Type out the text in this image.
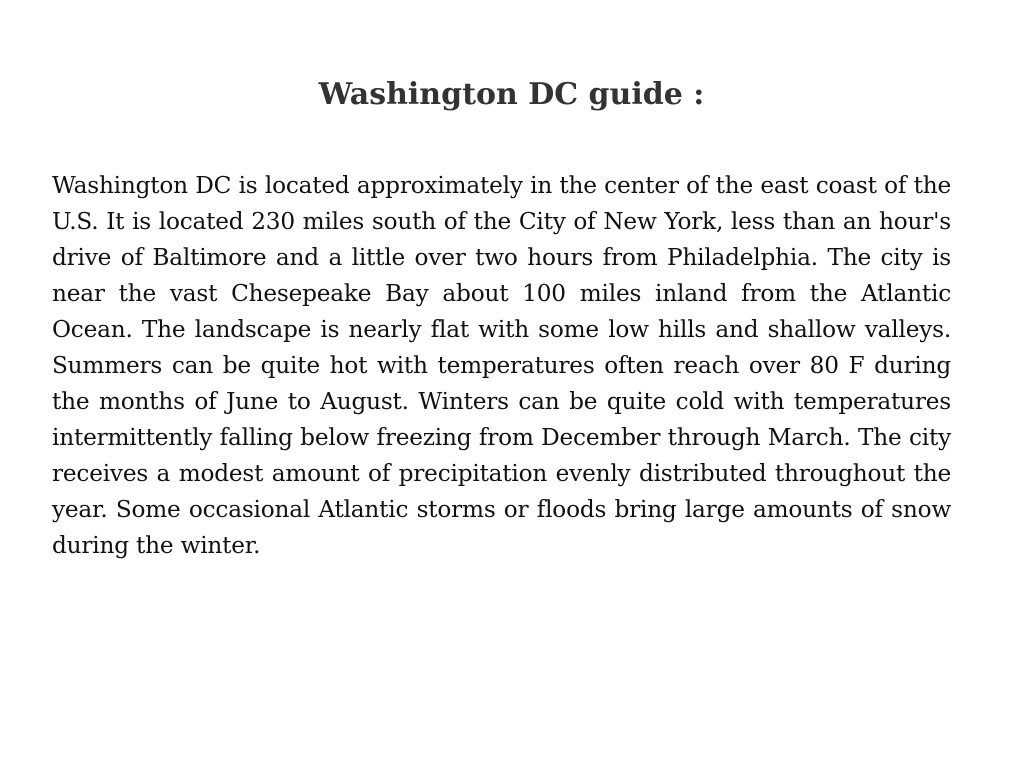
Washington DC guide :

Washington DC is located approximately in the center of the east coast of the U.S. It is located 230 miles south of the City of New York, less than an hour's drive of Baltimore and a little over two hours from Philadelphia. The city is near the vast Chesepeake Bay about 100 miles inland from the Atlantic Ocean. The landscape is nearly flat with some low hills and shallow valleys. Summers can be quite hot with temperatures often reach over 80 F during the months of June to August. Winters can be quite cold with temperatures intermittently falling below freezing from December through March. The city receives a modest amount of precipitation evenly distributed throughout the year. Some occasional Atlantic storms or floods bring large amounts of snow during the winter.
